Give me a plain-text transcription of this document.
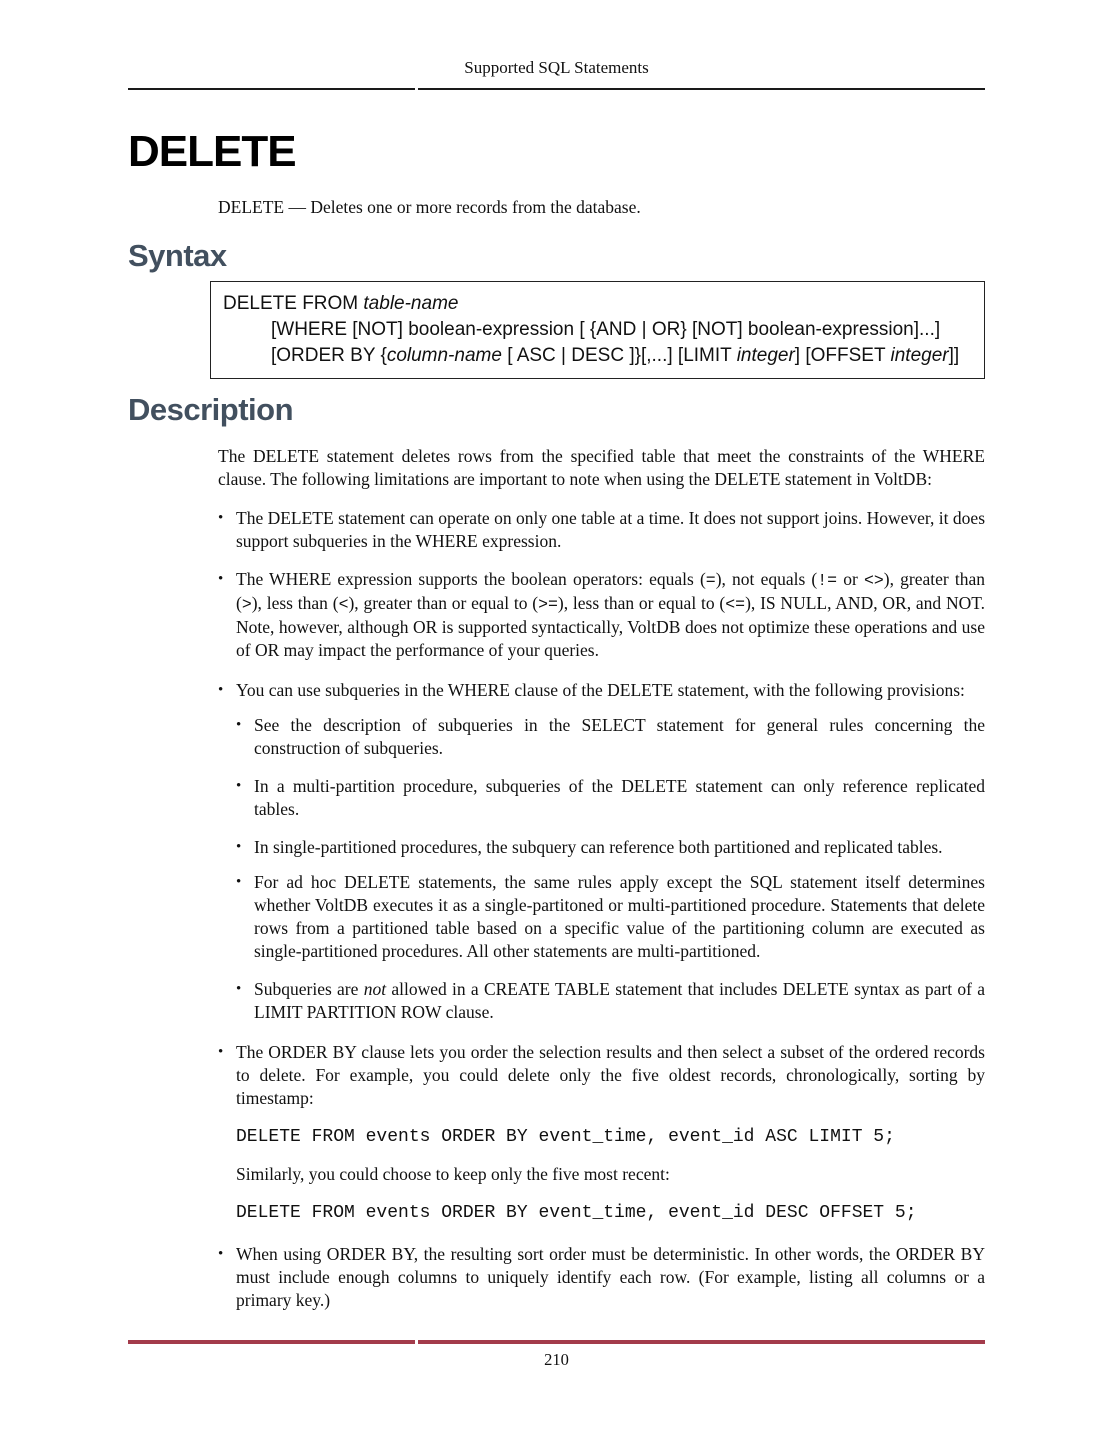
Supported SQL Statements
DELETE

DELETE — Deletes one or more records from the database.

Syntax
DELETE FROM table-name
[WHERE [NOT] boolean-expression [ {AND | OR} [NOT] boolean-expression]...]
[ORDER BY {column-name [ ASC | DESC ]}[,...] [LIMIT integer] [OFFSET integer]]
Description

The DELETE statement deletes rows from the specified table that meet the constraints of the WHERE clause. The following limitations are important to note when using the DELETE statement in VoltDB:

• The DELETE statement can operate on only one table at a time. It does not support joins. However, it does support subqueries in the WHERE expression.
• The WHERE expression supports the boolean operators: equals (=), not equals (!= or <>), greater than (>), less than (<), greater than or equal to (>=), less than or equal to (<=), IS NULL, AND, OR, and NOT. Note, however, although OR is supported syntactically, VoltDB does not optimize these operations and use of OR may impact the performance of your queries.
• You can use subqueries in the WHERE clause of the DELETE statement, with the following provisions:
• See the description of subqueries in the SELECT statement for general rules concerning the construction of subqueries.
• In a multi-partition procedure, subqueries of the DELETE statement can only reference replicated tables.
• In single-partitioned procedures, the subquery can reference both partitioned and replicated tables.
• For ad hoc DELETE statements, the same rules apply except the SQL statement itself determines whether VoltDB executes it as a single-partitoned or multi-partitioned procedure. Statements that delete rows from a partitioned table based on a specific value of the partitioning column are executed as single-partitioned procedures. All other statements are multi-partitioned.
• Subqueries are not allowed in a CREATE TABLE statement that includes DELETE syntax as part of a LIMIT PARTITION ROW clause.
• The ORDER BY clause lets you order the selection results and then select a subset of the ordered records to delete. For example, you could delete only the five oldest records, chronologically, sorting by timestamp:
DELETE FROM events ORDER BY event_time, event_id ASC LIMIT 5;

Similarly, you could choose to keep only the five most recent:

DELETE FROM events ORDER BY event_time, event_id DESC OFFSET 5;
• When using ORDER BY, the resulting sort order must be deterministic. In other words, the ORDER BY must include enough columns to uniquely identify each row. (For example, listing all columns or a primary key.)
210
